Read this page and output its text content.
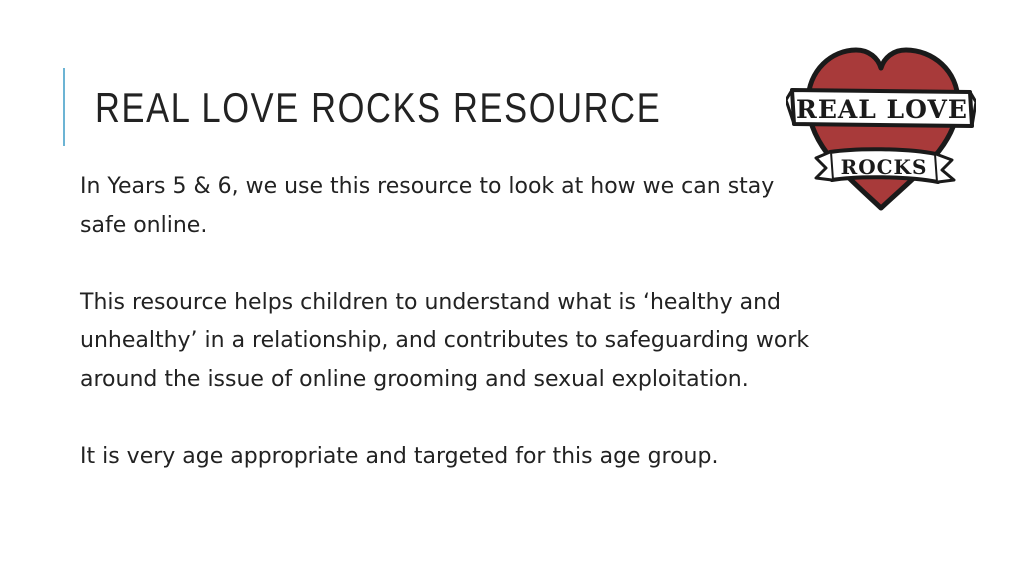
REAL LOVE ROCKS RESOURCE

In Years 5 & 6, we use this resource to look at how we can stay safe online.

This resource helps children to understand what is ‘healthy and unhealthy’ in a relationship, and contributes to safeguarding work around the issue of online grooming and sexual exploitation.

It is very age appropriate and targeted for this age group.

REAL LOVE
ROCKS
